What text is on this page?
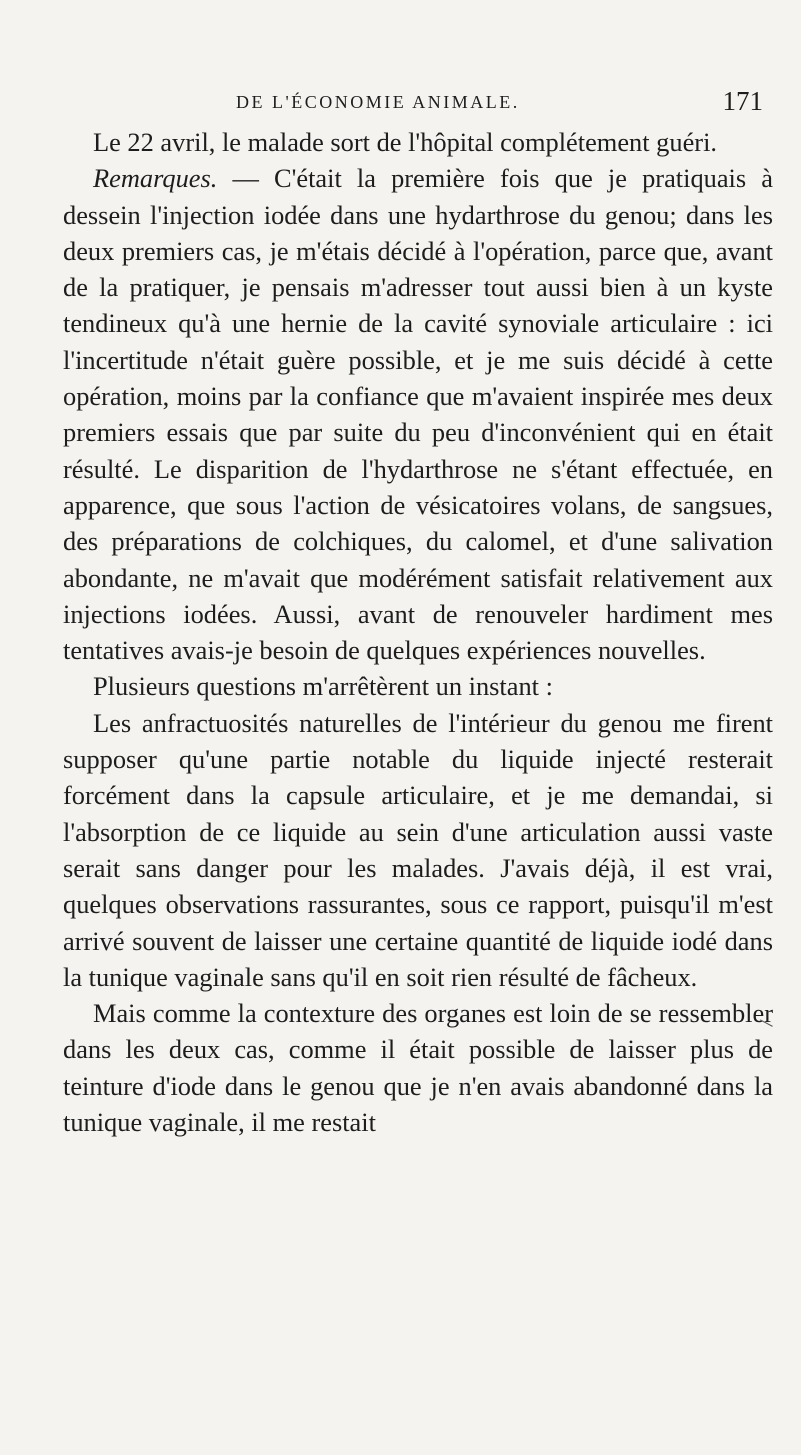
DE L'ÉCONOMIE ANIMALE.	171

Le 22 avril, le malade sort de l'hôpital complétement guéri.

Remarques. — C'était la première fois que je pratiquais à dessein l'injection iodée dans une hydarthrose du genou; dans les deux premiers cas, je m'étais décidé à l'opération, parce que, avant de la pratiquer, je pensais m'adresser tout aussi bien à un kyste tendineux qu'à une hernie de la cavité synoviale articulaire : ici l'incertitude n'était guère possible, et je me suis décidé à cette opération, moins par la confiance que m'avaient inspirée mes deux premiers essais que par suite du peu d'inconvénient qui en était résulté. Le disparition de l'hydarthrose ne s'étant effectuée, en apparence, que sous l'action de vésicatoires volans, de sangsues, des préparations de colchiques, du calomel, et d'une salivation abondante, ne m'avait que modérément satisfait relativement aux injections iodées. Aussi, avant de renouveler hardiment mes tentatives avais-je besoin de quelques expériences nouvelles.

Plusieurs questions m'arrêtèrent un instant :

Les anfractuosités naturelles de l'intérieur du genou me firent supposer qu'une partie notable du liquide injecté resterait forcément dans la capsule articulaire, et je me demandai, si l'absorption de ce liquide au sein d'une articulation aussi vaste serait sans danger pour les malades. J'avais déjà, il est vrai, quelques observations rassurantes, sous ce rapport, puisqu'il m'est arrivé souvent de laisser une certaine quantité de liquide iodé dans la tunique vaginale sans qu'il en soit rien résulté de fâcheux.

Mais comme la contexture des organes est loin de se ressembler dans les deux cas, comme il était possible de laisser plus de teinture d'iode dans le genou que je n'en avais abandonné dans la tunique vaginale, il me restait
